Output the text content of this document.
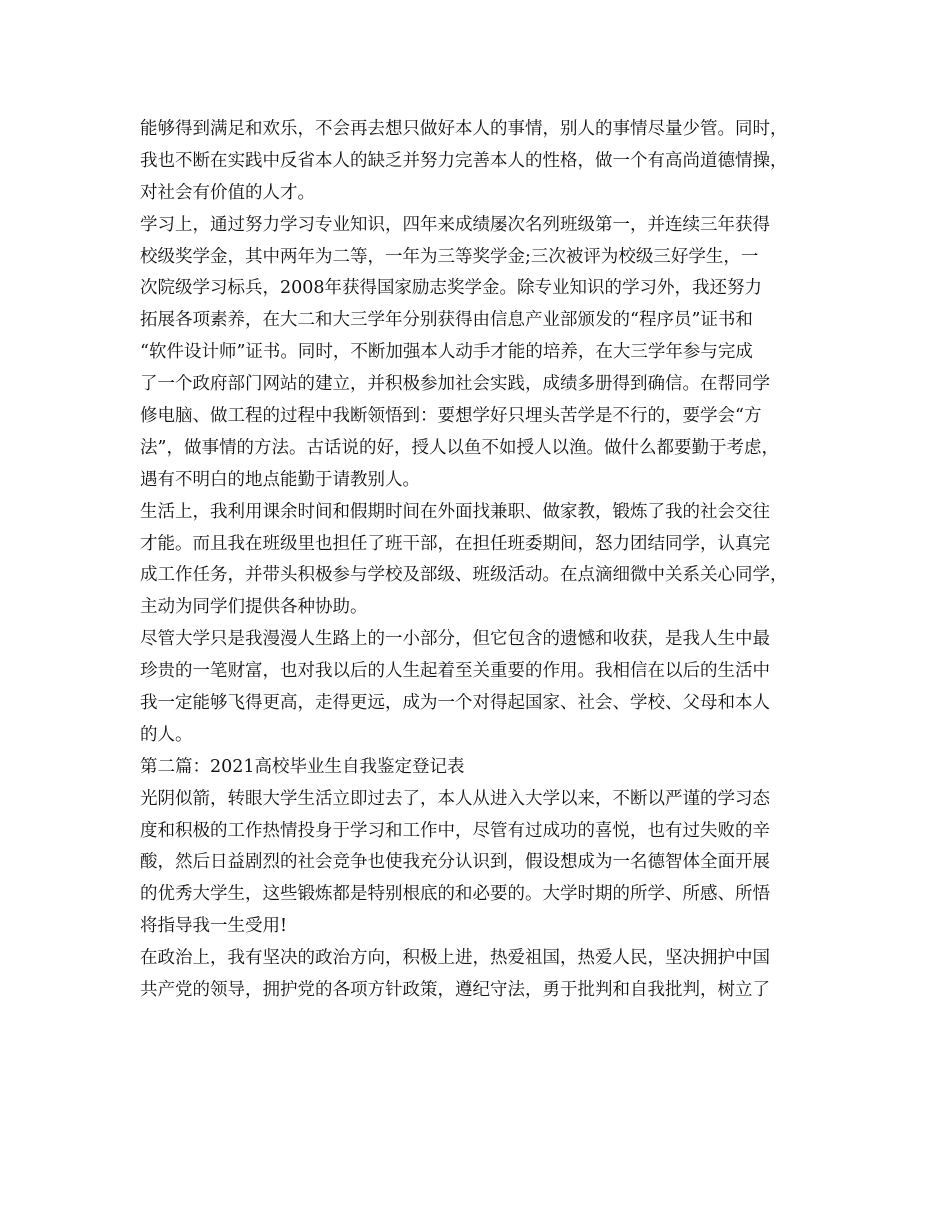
能够得到满足和欢乐，不会再去想只做好本人的事情，别人的事情尽量少管。同时，
我也不断在实践中反省本人的缺乏并努力完善本人的性格，做一个有高尚道德情操，
对社会有价值的人才。
学习上，通过努力学习专业知识，四年来成绩屡次名列班级第一，并连续三年获得
校级奖学金，其中两年为二等，一年为三等奖学金;三次被评为校级三好学生，一
次院级学习标兵，2008年获得国家励志奖学金。除专业知识的学习外，我还努力
拓展各项素养，在大二和大三学年分别获得由信息产业部颁发的“程序员”证书和
“软件设计师”证书。同时，不断加强本人动手才能的培养，在大三学年参与完成
了一个政府部门网站的建立，并积极参加社会实践，成绩多册得到确信。在帮同学
修电脑、做工程的过程中我断领悟到：要想学好只埋头苦学是不行的，要学会“方
法”，做事情的方法。古话说的好，授人以鱼不如授人以渔。做什么都要勤于考虑，
遇有不明白的地点能勤于请教别人。
生活上，我利用课余时间和假期时间在外面找兼职、做家教，锻炼了我的社会交往
才能。而且我在班级里也担任了班干部，在担任班委期间，怒力团结同学，认真完
成工作任务，并带头积极参与学校及部级、班级活动。在点滴细微中关系关心同学，
主动为同学们提供各种协助。
尽管大学只是我漫漫人生路上的一小部分，但它包含的遗憾和收获，是我人生中最
珍贵的一笔财富，也对我以后的人生起着至关重要的作用。我相信在以后的生活中
我一定能够飞得更高，走得更远，成为一个对得起国家、社会、学校、父母和本人
的人。
第二篇：2021高校毕业生自我鉴定登记表
光阴似箭，转眼大学生活立即过去了，本人从进入大学以来，不断以严谨的学习态
度和积极的工作热情投身于学习和工作中，尽管有过成功的喜悦，也有过失败的辛
酸，然后日益剧烈的社会竞争也使我充分认识到，假设想成为一名德智体全面开展
的优秀大学生，这些锻炼都是特别根底的和必要的。大学时期的所学、所感、所悟
将指导我一生受用!
在政治上，我有坚决的政治方向，积极上进，热爱祖国，热爱人民，坚决拥护中国
共产党的领导，拥护党的各项方针政策，遵纪守法，勇于批判和自我批判，树立了
